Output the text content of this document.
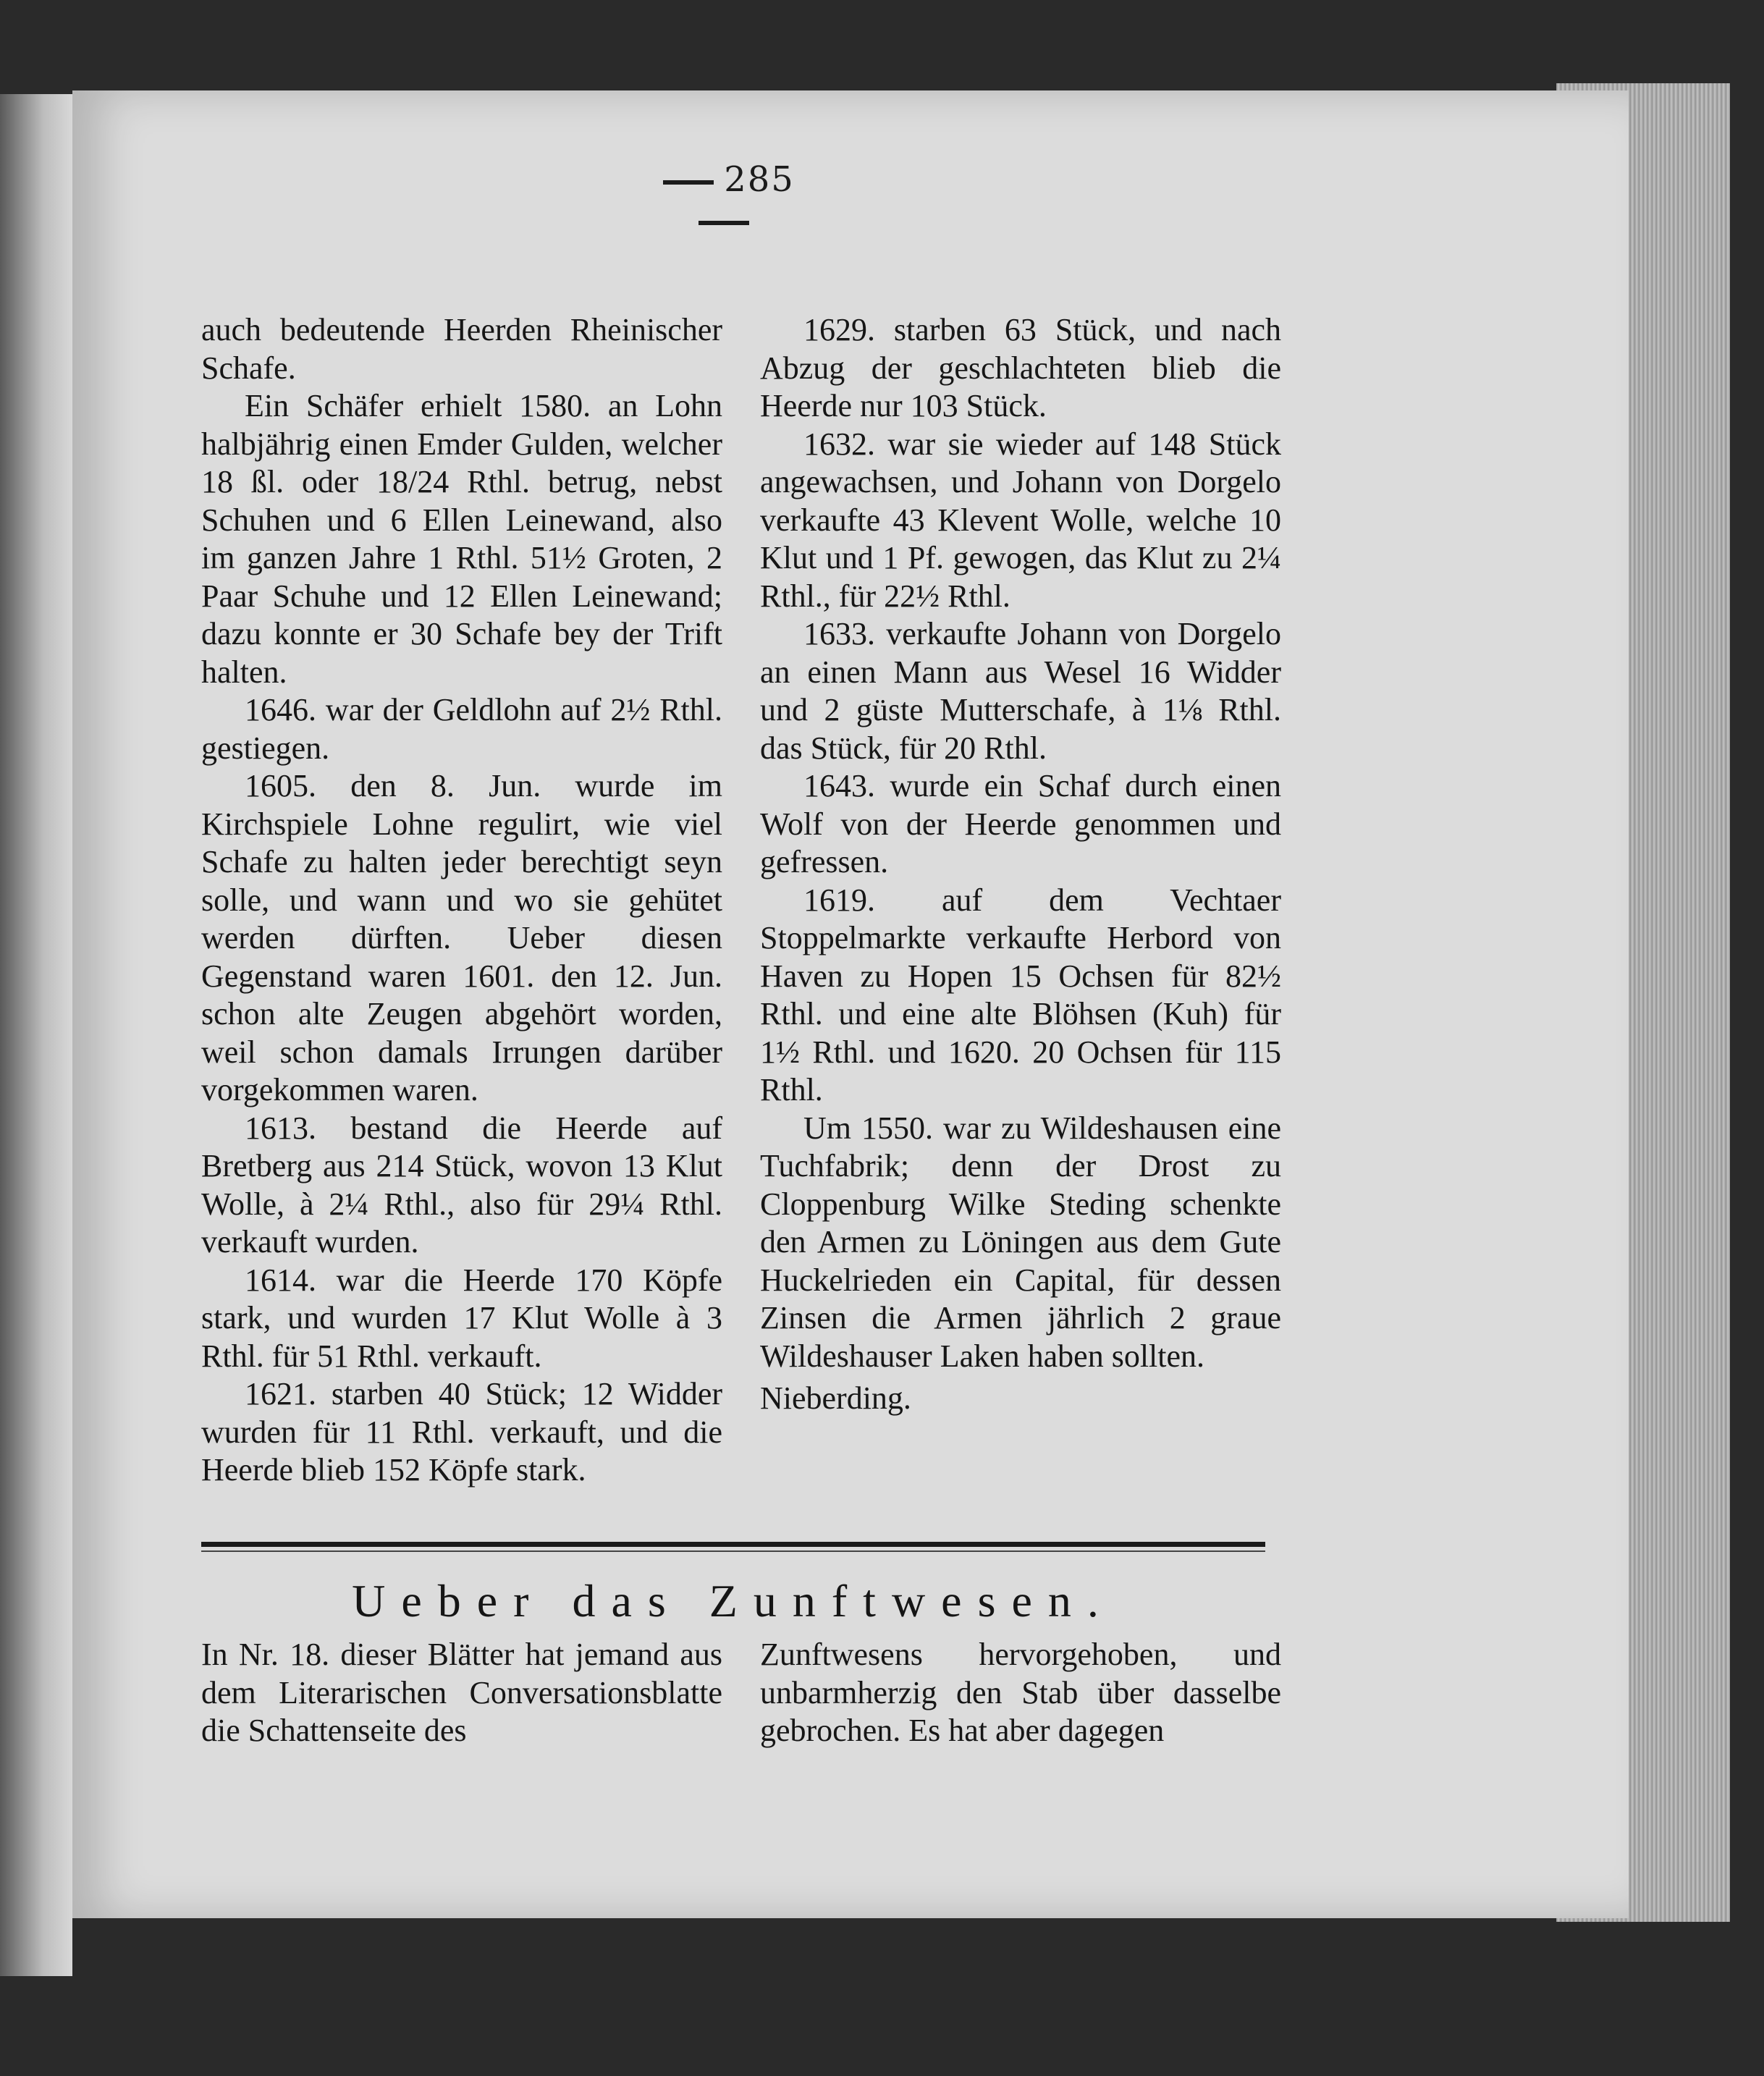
285

auch bedeutende Heerden Rheinischer Schafe.

Ein Schäfer erhielt 1580. an Lohn halbjährig einen Emder Gulden, welcher 18 ßl. oder 18/24 Rthl. betrug, nebst Schuhen und 6 Ellen Leinewand, also im ganzen Jahre 1 Rthl. 51½ Groten, 2 Paar Schuhe und 12 Ellen Leinewand; dazu konnte er 30 Schafe bey der Trift halten.

1646. war der Geldlohn auf 2½ Rthl. gestiegen.

1605. den 8. Jun. wurde im Kirchspiele Lohne regulirt, wie viel Schafe zu halten jeder berechtigt seyn solle, und wann und wo sie gehütet werden dürften. Ueber diesen Gegenstand waren 1601. den 12. Jun. schon alte Zeugen abgehört worden, weil schon damals Irrungen darüber vorgekommen waren.

1613. bestand die Heerde auf Bretberg aus 214 Stück, wovon 13 Klut Wolle, à 2¼ Rthl., also für 29¼ Rthl. verkauft wurden.

1614. war die Heerde 170 Köpfe stark, und wurden 17 Klut Wolle à 3 Rthl. für 51 Rthl. verkauft.

1621. starben 40 Stück; 12 Widder wurden für 11 Rthl. verkauft, und die Heerde blieb 152 Köpfe stark.

1629. starben 63 Stück, und nach Abzug der geschlachteten blieb die Heerde nur 103 Stück.

1632. war sie wieder auf 148 Stück angewachsen, und Johann von Dorgelo verkaufte 43 Klevent Wolle, welche 10 Klut und 1 Pf. gewogen, das Klut zu 2¼ Rthl., für 22½ Rthl.

1633. verkaufte Johann von Dorgelo an einen Mann aus Wesel 16 Widder und 2 güste Mutterschafe, à 1⅛ Rthl. das Stück, für 20 Rthl.

1643. wurde ein Schaf durch einen Wolf von der Heerde genommen und gefressen.

1619. auf dem Vechtaer Stoppelmarkte verkaufte Herbord von Haven zu Hopen 15 Ochsen für 82½ Rthl. und eine alte Blöhsen (Kuh) für 1½ Rthl. und 1620. 20 Ochsen für 115 Rthl.

Um 1550. war zu Wildeshausen eine Tuchfabrik; denn der Drost zu Cloppenburg Wilke Steding schenkte den Armen zu Löningen aus dem Gute Huckelrieden ein Capital, für dessen Zinsen die Armen jährlich 2 graue Wildeshauser Laken haben sollten.

Nieberding.

Ueber das Zunftwesen.

In Nr. 18. dieser Blätter hat jemand aus dem Literarischen Conversationsblatte die Schattenseite des

Zunftwesens hervorgehoben, und unbarmherzig den Stab über dasselbe gebrochen. Es hat aber dagegen
